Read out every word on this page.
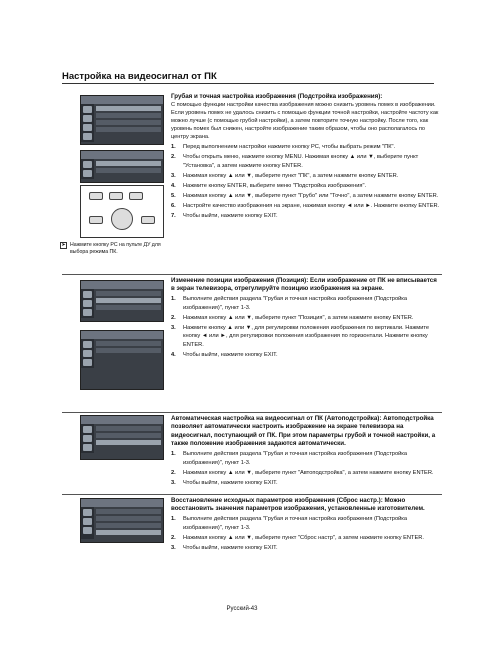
Настройка на видеосигнал от ПК
➤ Нажмите кнопку PC на пульте ДУ для выбора режима ПК.
Грубая и точная настройка изображения (Подстройка изображения):
С помощью функции настройки качества изображения можно снизить уровень помех в изображении. Если уровень помех не удалось снизить с помощью функции точной настройки, настройте частоту как можно лучше (с помощью грубой настройки), а затем повторите точную настройку. После того, как уровень помех был снижен, настройте изображение таким образом, чтобы оно располагалось по центру экрана.
1.	Перед выполнением настройки нажмите кнопку PC, чтобы выбрать режим "ПК".
2.	Чтобы открыть меню, нажмите кнопку MENU. Нажимая кнопку ▲ или ▼, выберите пункт "Установка", а затем нажмите кнопку ENTER.
3.	Нажимая кнопку ▲ или ▼, выберите пункт "ПК", а затем нажмите кнопку ENTER.
4.	Нажмите кнопку ENTER, выберите меню "Подстройка изображения".
5.	Нажимая кнопку ▲ или ▼, выберите пункт "Грубо" или "Точно", а затем нажмите кнопку ENTER.
6.	Настройте качество изображения на экране, нажимая кнопку ◄ или ►. Нажмите кнопку ENTER.
7.	Чтобы выйти, нажмите кнопку EXIT.
Изменение позиции изображения (Позиция): Если изображение от ПК не вписывается в экран телевизора, отрегулируйте позицию изображения на экране.
1.	Выполните действия раздела "Грубая и точная настройка изображения (Подстройка изображения)", пункт 1-3.
2.	Нажимая кнопку ▲ или ▼, выберите пункт "Позиция", а затем нажмите кнопку ENTER.
3.	Нажмите кнопку ▲ или ▼, для регулировки положения изображения по вертикали. Нажмите кнопку ◄ или ►, для регулировки положения изображения по горизонтали. Нажмите кнопку ENTER.
4.	Чтобы выйти, нажмите кнопку EXIT.
Автоматическая настройка на видеосигнал от ПК (Автоподстройка): Автоподстройка позволяет автоматически настроить изображение на экране телевизора на видеосигнал, поступающий от ПК. При этом параметры грубой и точной настройки, а также положение изображения задаются автоматически.
1.	Выполните действия раздела "Грубая и точная настройка изображения (Подстройка изображения)", пункт 1-3.
2.	Нажимая кнопку ▲ или ▼, выберите пункт "Автоподстройка", а затем нажмите кнопку ENTER.
3.	Чтобы выйти, нажмите кнопку EXIT.
Восстановление исходных параметров изображения (Сброс настр.): Можно восстановить значения параметров изображения, установленные изготовителем.
1.	Выполните действия раздела "Грубая и точная настройка изображения (Подстройка изображения)", пункт 1-3.
2.	Нажимая кнопку ▲ или ▼, выберите пункт "Сброс настр", а затем нажмите кнопку ENTER.
3.	Чтобы выйти, нажмите кнопку EXIT.
Русский-43
